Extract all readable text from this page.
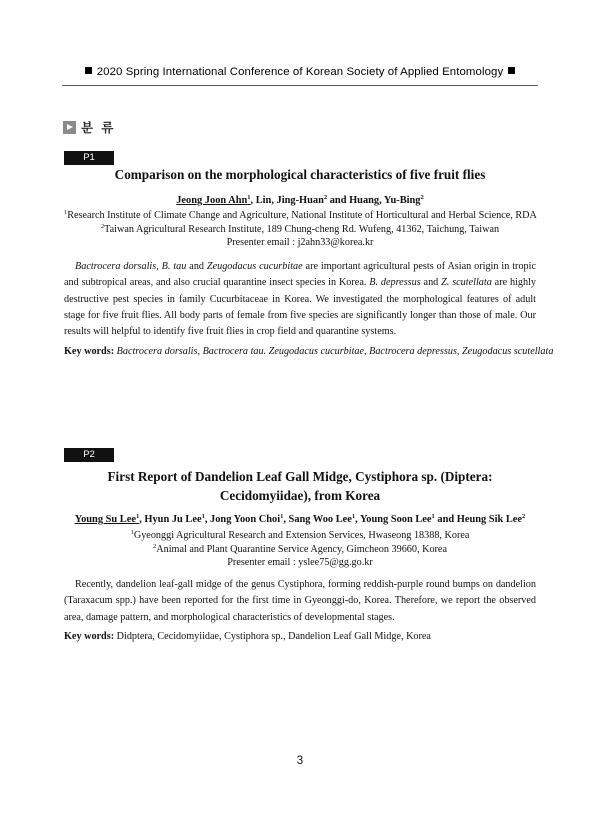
2020 Spring International Conference of Korean Society of Applied Entomology
분 류
P1
Comparison on the morphological characteristics of five fruit flies
Jeong Joon Ahn$^1$, Lin, Jing-Huan$^2$ and Huang, Yu-Bing$^2$
$^1$Research Institute of Climate Change and Agriculture, National Institute of Horticultural and Herbal Science, RDA
$^2$Taiwan Agricultural Research Institute, 189 Chung-cheng Rd. Wufeng, 41362, Taichung, Taiwan
Presenter email : j2ahn33@korea.kr

Bactrocera dorsalis, B. tau and Zeugodacus cucurbitae are important agricultural pests of Asian origin in tropic and subtropical areas, and also crucial quarantine insect species in Korea. B. depressus and Z. scutellata are highly destructive pest species in family Cucurbitaceae in Korea. We investigated the morphological features of adult stage for five fruit flies. All body parts of female from five species are significantly longer than those of male. Our results will helpful to identify five fruit flies in crop field and quarantine systems.

Key words: Bactrocera dorsalis, Bactrocera tau. Zeugodacus cucurbitae, Bactrocera depressus, Zeugodacus scutellata
P2
First Report of Dandelion Leaf Gall Midge, Cystiphora sp. (Diptera: Cecidomyiidae), from Korea
Young Su Lee$^1$, Hyun Ju Lee$^1$, Jong Yoon Choi$^1$, Sang Woo Lee$^1$, Young Soon Lee$^1$ and Heung Sik Lee$^2$
$^1$Gyeonggi Agricultural Research and Extension Services, Hwaseong 18388, Korea
$^2$Animal and Plant Quarantine Service Agency, Gimcheon 39660, Korea
Presenter email : yslee75@gg.go.kr

Recently, dandelion leaf-gall midge of the genus Cystiphora, forming reddish-purple round bumps on dandelion (Taraxacum spp.) have been reported for the first time in Gyeonggi-do, Korea. Therefore, we report the observed area, damage pattern, and morphological characteristics of developmental stages.

Key words: Didptera, Cecidomyiidae, Cystiphora sp., Dandelion Leaf Gall Midge, Korea
3
